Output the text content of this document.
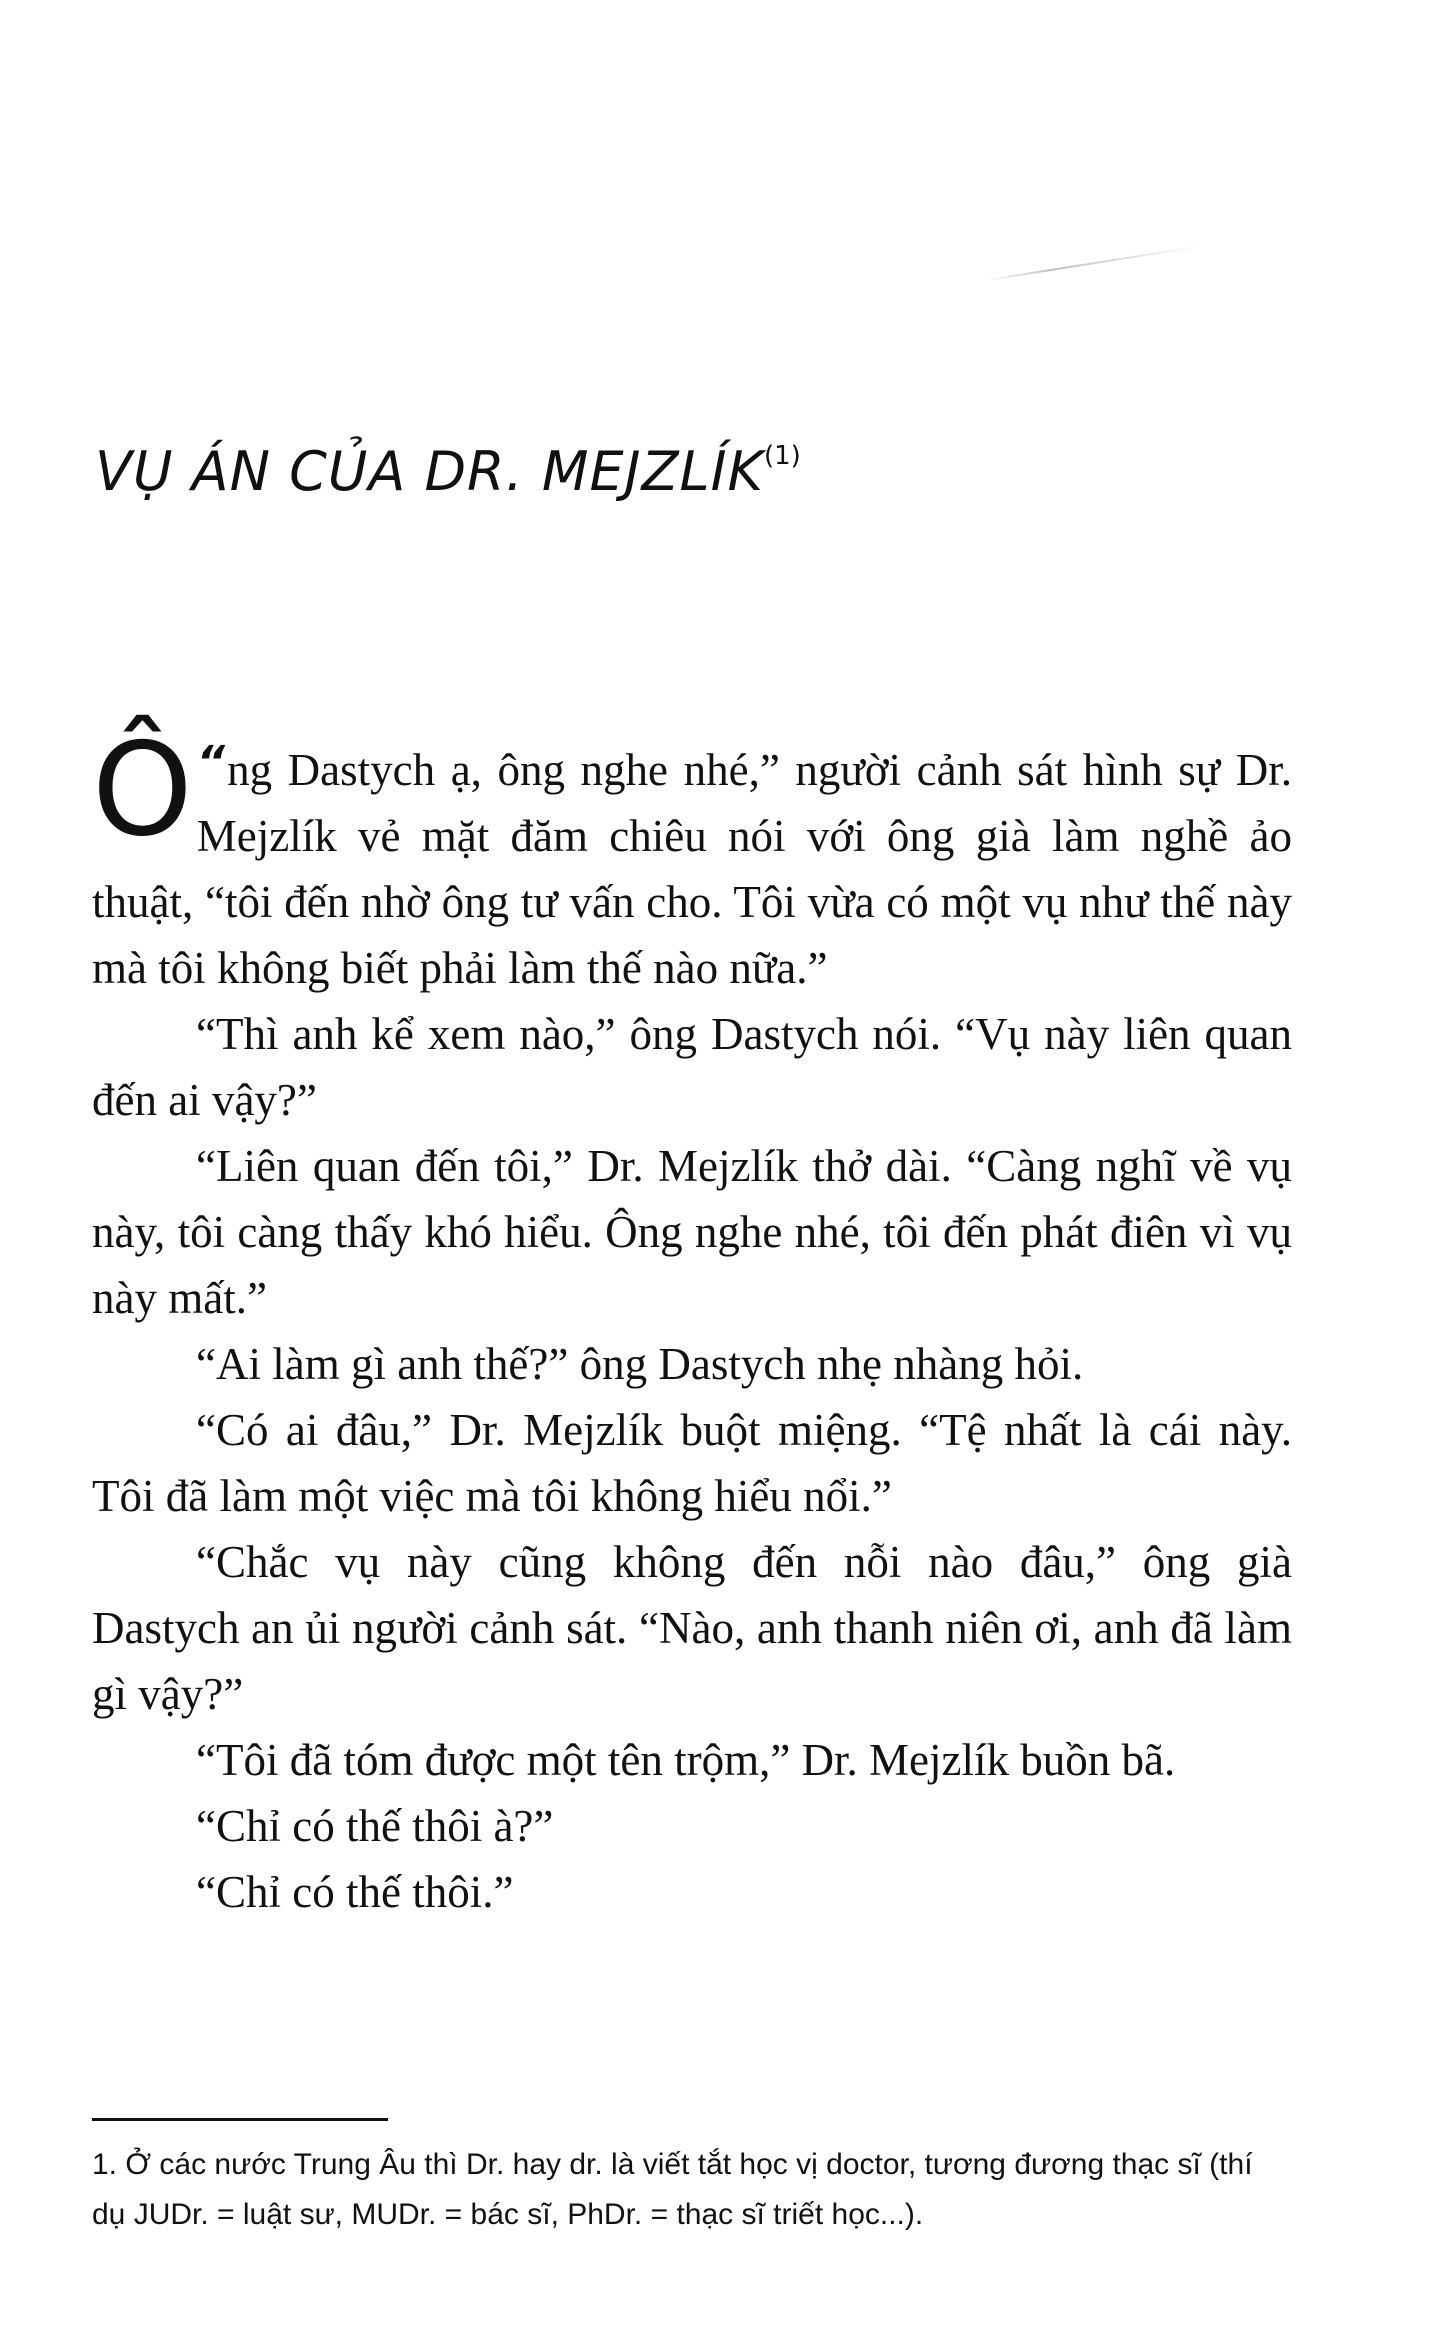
VỤ ÁN CỦA DR. MEJZLÍK$^{(1)}$

“
Ô ng Dastych ạ, ông nghe nhé,” người cảnh sát hình sự Dr. Mejzlík vẻ mặt đăm chiêu nói với ông già làm nghề ảo thuật, “tôi đến nhờ ông tư vấn cho. Tôi vừa có một vụ như thế này mà tôi không biết phải làm thế nào nữa.”

“Thì anh kể xem nào,” ông Dastych nói. “Vụ này liên quan đến ai vậy?”

“Liên quan đến tôi,” Dr. Mejzlík thở dài. “Càng nghĩ về vụ này, tôi càng thấy khó hiểu. Ông nghe nhé, tôi đến phát điên vì vụ này mất.”

“Ai làm gì anh thế?” ông Dastych nhẹ nhàng hỏi.

“Có ai đâu,” Dr. Mejzlík buột miệng. “Tệ nhất là cái này. Tôi đã làm một việc mà tôi không hiểu nổi.”

“Chắc vụ này cũng không đến nỗi nào đâu,” ông già Dastych an ủi người cảnh sát. “Nào, anh thanh niên ơi, anh đã làm gì vậy?”

“Tôi đã tóm được một tên trộm,” Dr. Mejzlík buồn bã.

“Chỉ có thế thôi à?”

“Chỉ có thế thôi.”

1. Ở các nước Trung Âu thì Dr. hay dr. là viết tắt học vị doctor, tương đương thạc sĩ (thí dụ JUDr. = luật sư, MUDr. = bác sĩ, PhDr. = thạc sĩ triết học...).
